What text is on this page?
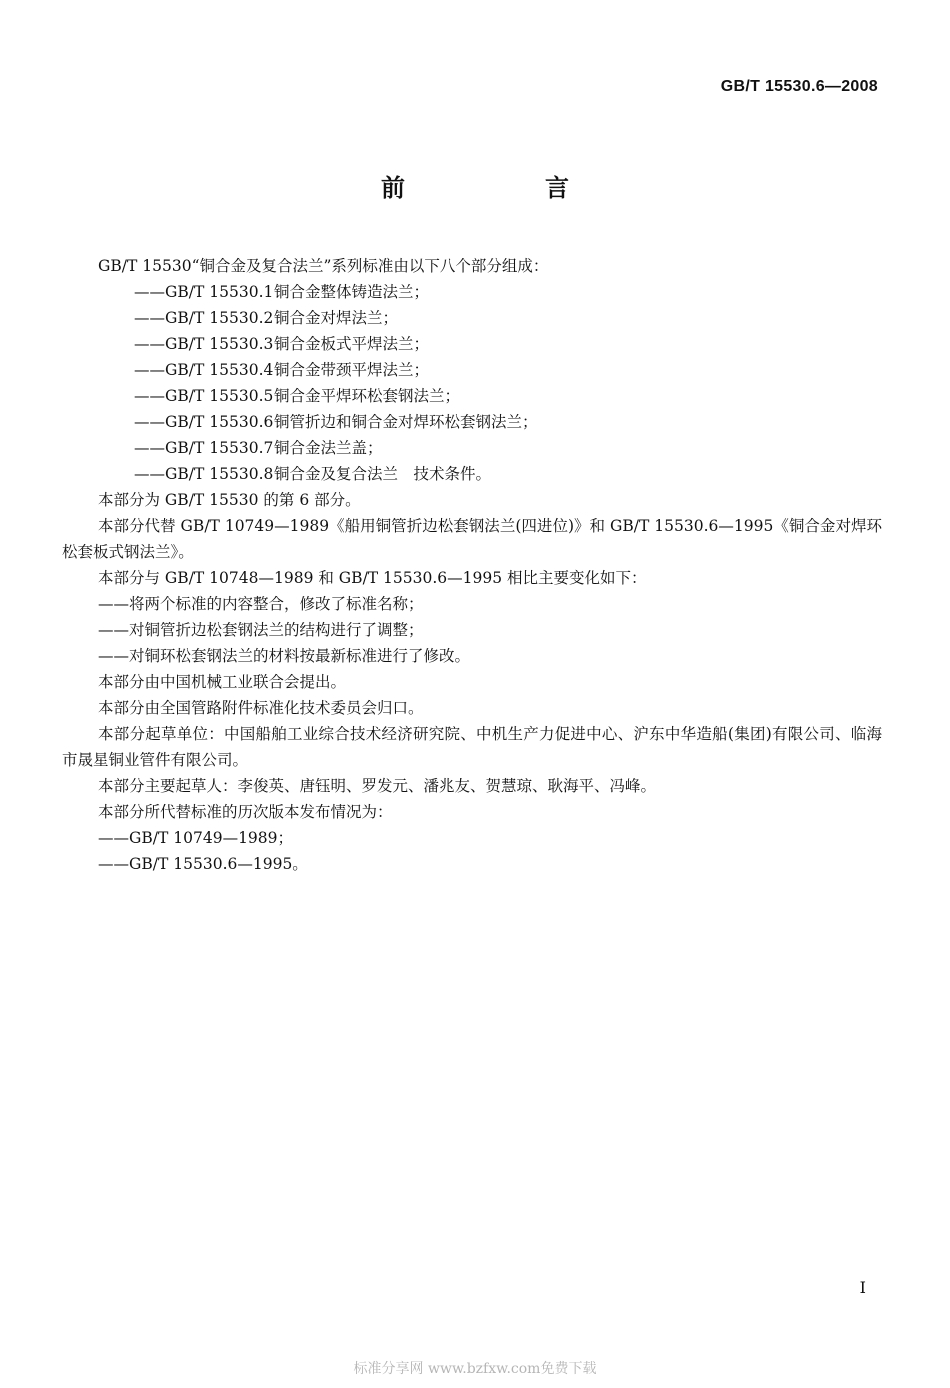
GB/T 15530.6—2008
前　言

GB/T 15530“铜合金及复合法兰”系列标准由以下八个部分组成：

——GB/T 15530.1铜合金整体铸造法兰；

——GB/T 15530.2铜合金对焊法兰；

——GB/T 15530.3铜合金板式平焊法兰；

——GB/T 15530.4铜合金带颈平焊法兰；

——GB/T 15530.5铜合金平焊环松套钢法兰；

——GB/T 15530.6铜管折边和铜合金对焊环松套钢法兰；

——GB/T 15530.7铜合金法兰盖；

——GB/T 15530.8铜合金及复合法兰　技术条件。

本部分为 GB/T 15530 的第 6 部分。

本部分代替 GB/T 10749—1989《船用铜管折边松套钢法兰(四进位)》和 GB/T 15530.6—1995《铜合金对焊环松套板式钢法兰》。

本部分与 GB/T 10748—1989 和 GB/T 15530.6—1995 相比主要变化如下：

——将两个标准的内容整合，修改了标准名称；

——对铜管折边松套钢法兰的结构进行了调整；

——对铜环松套钢法兰的材料按最新标准进行了修改。

本部分由中国机械工业联合会提出。

本部分由全国管路附件标准化技术委员会归口。

本部分起草单位：中国船舶工业综合技术经济研究院、中机生产力促进中心、沪东中华造船(集团)有限公司、临海市晟星铜业管件有限公司。

本部分主要起草人：李俊英、唐钰明、罗发元、潘兆友、贺慧琼、耿海平、冯峰。

本部分所代替标准的历次版本发布情况为：

——GB/T 10749—1989；

——GB/T 15530.6—1995。

I
标准分享网 www.bzfxw.com免费下载
